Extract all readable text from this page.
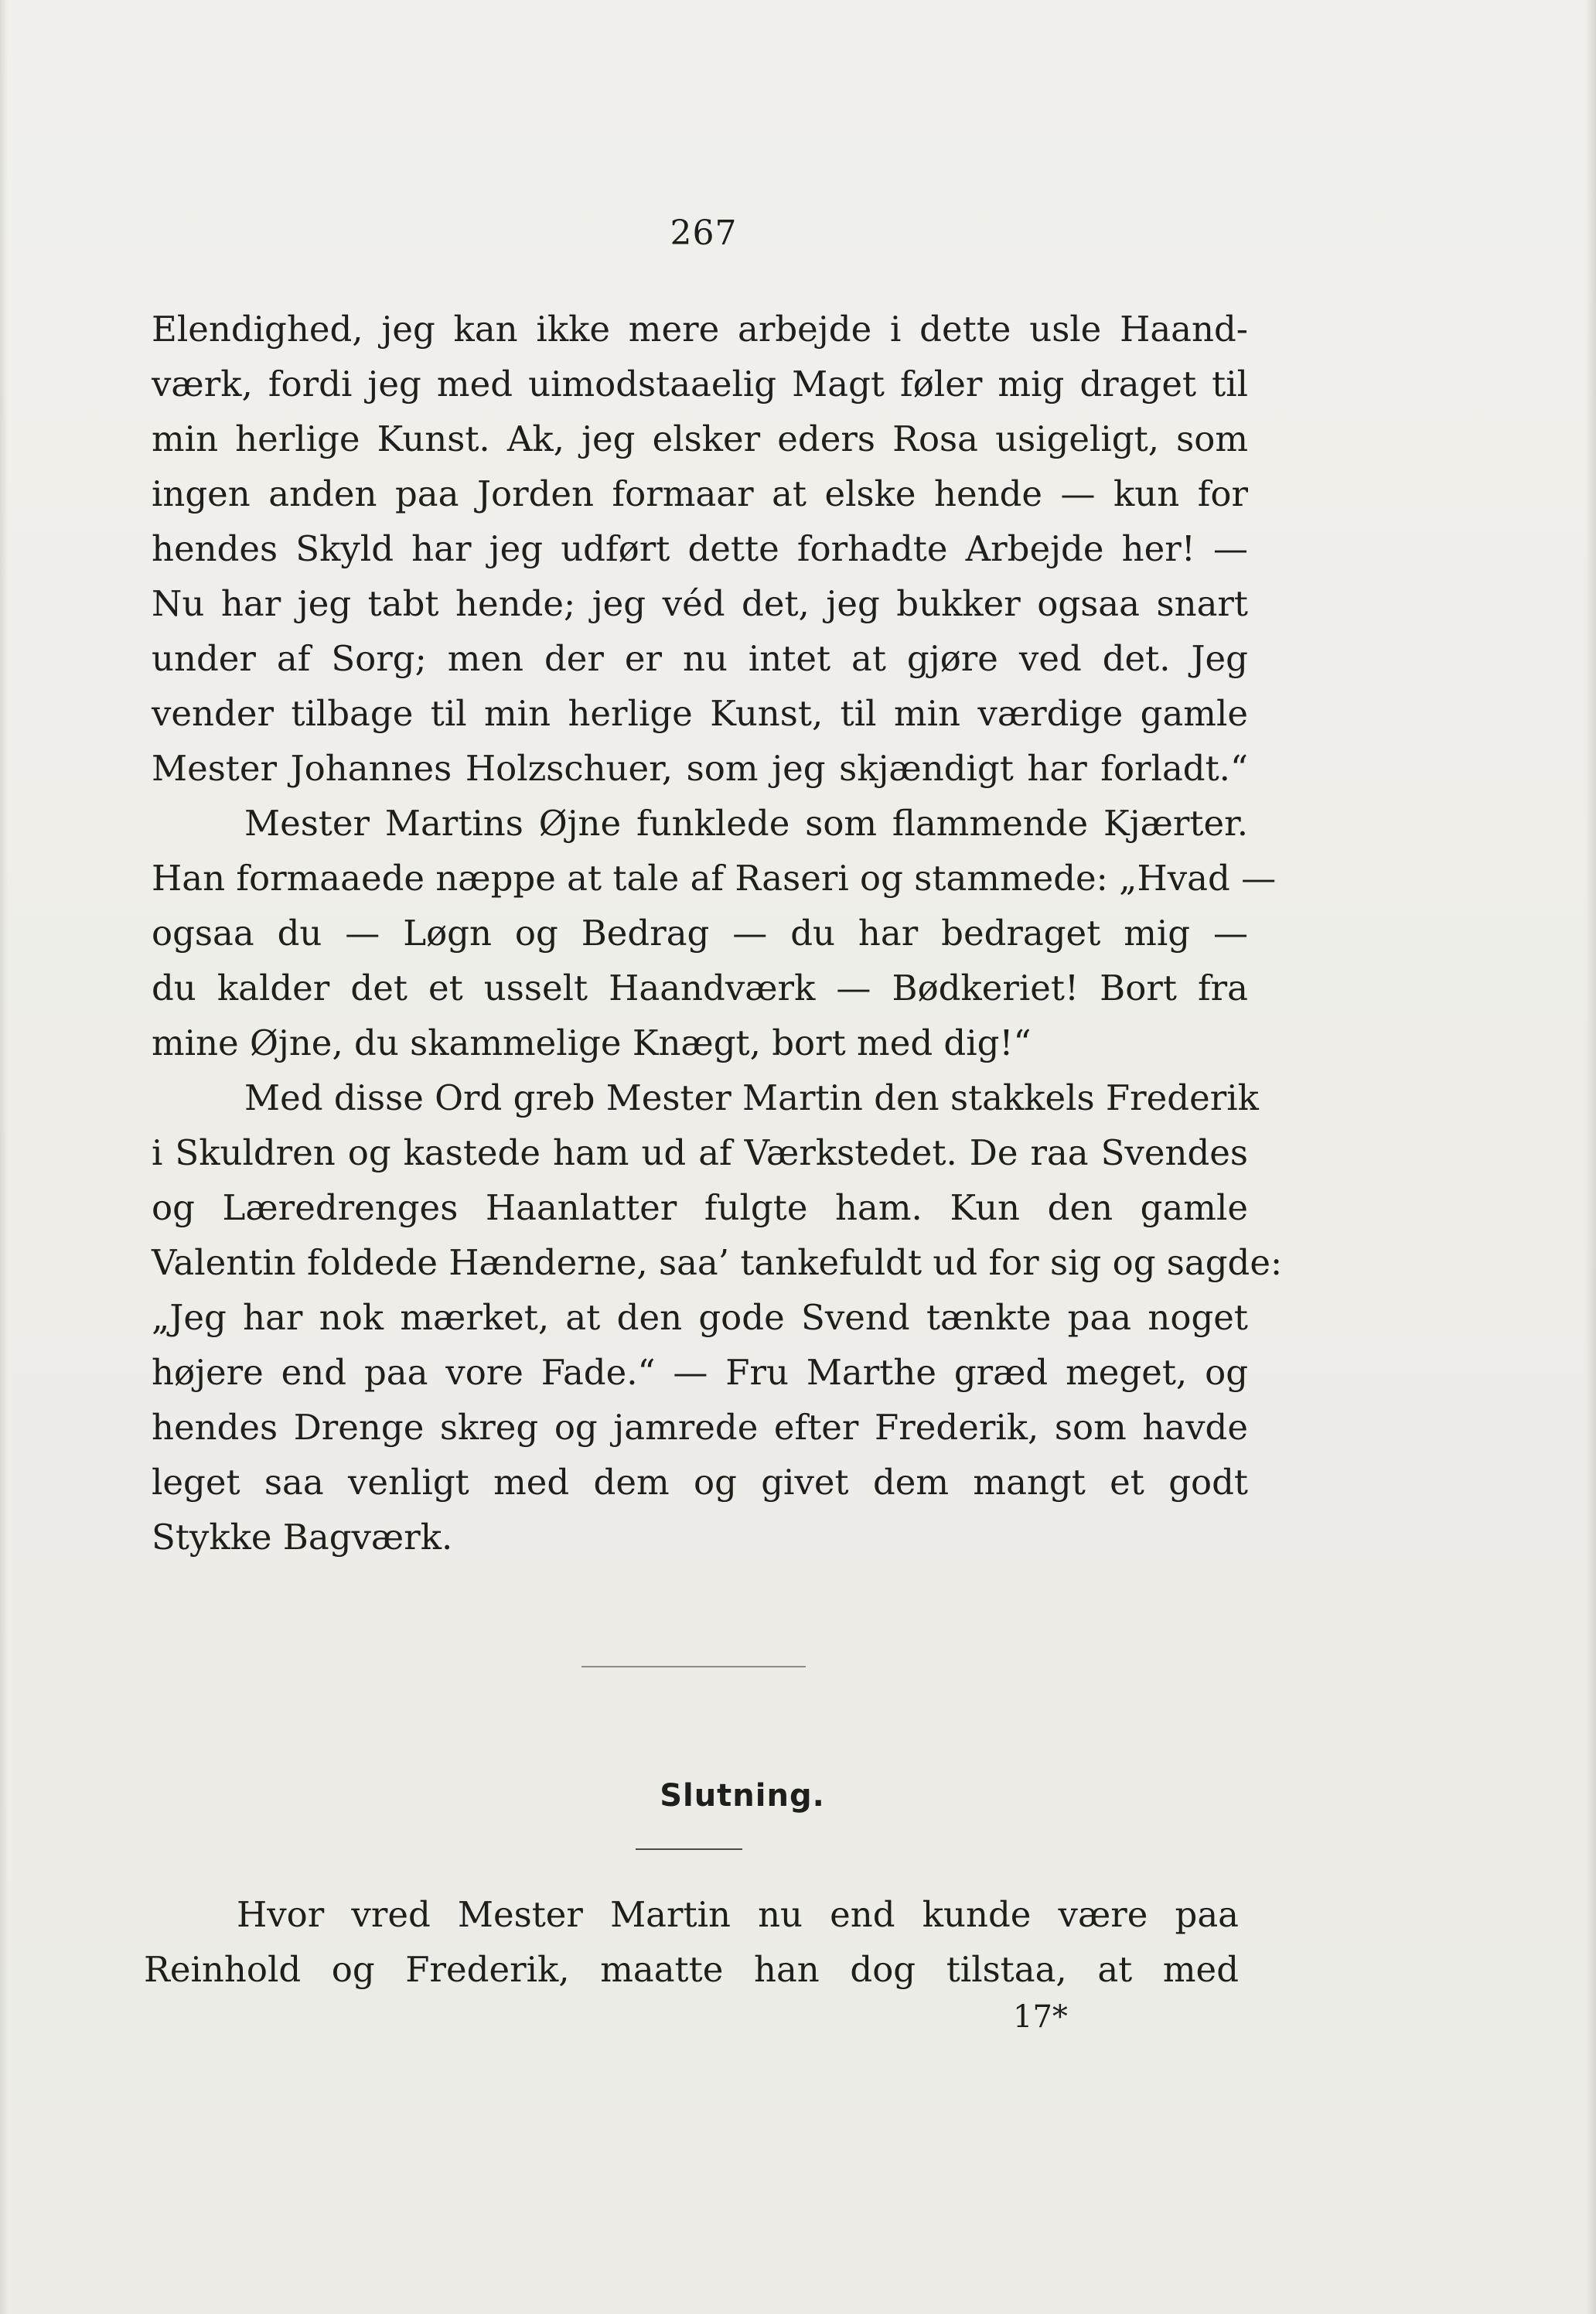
267
Elendighed, jeg kan ikke mere arbejde i dette usle Haand-
værk, fordi jeg med uimodstaaelig Magt føler mig draget til
min herlige Kunst. Ak, jeg elsker eders Rosa usigeligt, som
ingen anden paa Jorden formaar at elske hende — kun for
hendes Skyld har jeg udført dette forhadte Arbejde her! —
Nu har jeg tabt hende; jeg véd det, jeg bukker ogsaa snart
under af Sorg; men der er nu intet at gjøre ved det. Jeg
vender tilbage til min herlige Kunst, til min værdige gamle
Mester Johannes Holzschuer, som jeg skjændigt har forladt.“
Mester Martins Øjne funklede som flammende Kjærter.
Han formaaede næppe at tale af Raseri og stammede: „Hvad —
ogsaa du — Løgn og Bedrag — du har bedraget mig —
du kalder det et usselt Haandværk — Bødkeriet! Bort fra
mine Øjne, du skammelige Knægt, bort med dig!“
Med disse Ord greb Mester Martin den stakkels Frederik
i Skuldren og kastede ham ud af Værkstedet. De raa Svendes
og Læredrenges Haanlatter fulgte ham. Kun den gamle
Valentin foldede Hænderne, saa’ tankefuldt ud for sig og sagde:
„Jeg har nok mærket, at den gode Svend tænkte paa noget
højere end paa vore Fade.“ — Fru Marthe græd meget, og
hendes Drenge skreg og jamrede efter Frederik, som havde
leget saa venligt med dem og givet dem mangt et godt
Stykke Bagværk.
Slutning.
Hvor vred Mester Martin nu end kunde være paa
Reinhold og Frederik, maatte han dog tilstaa, at med
17*
